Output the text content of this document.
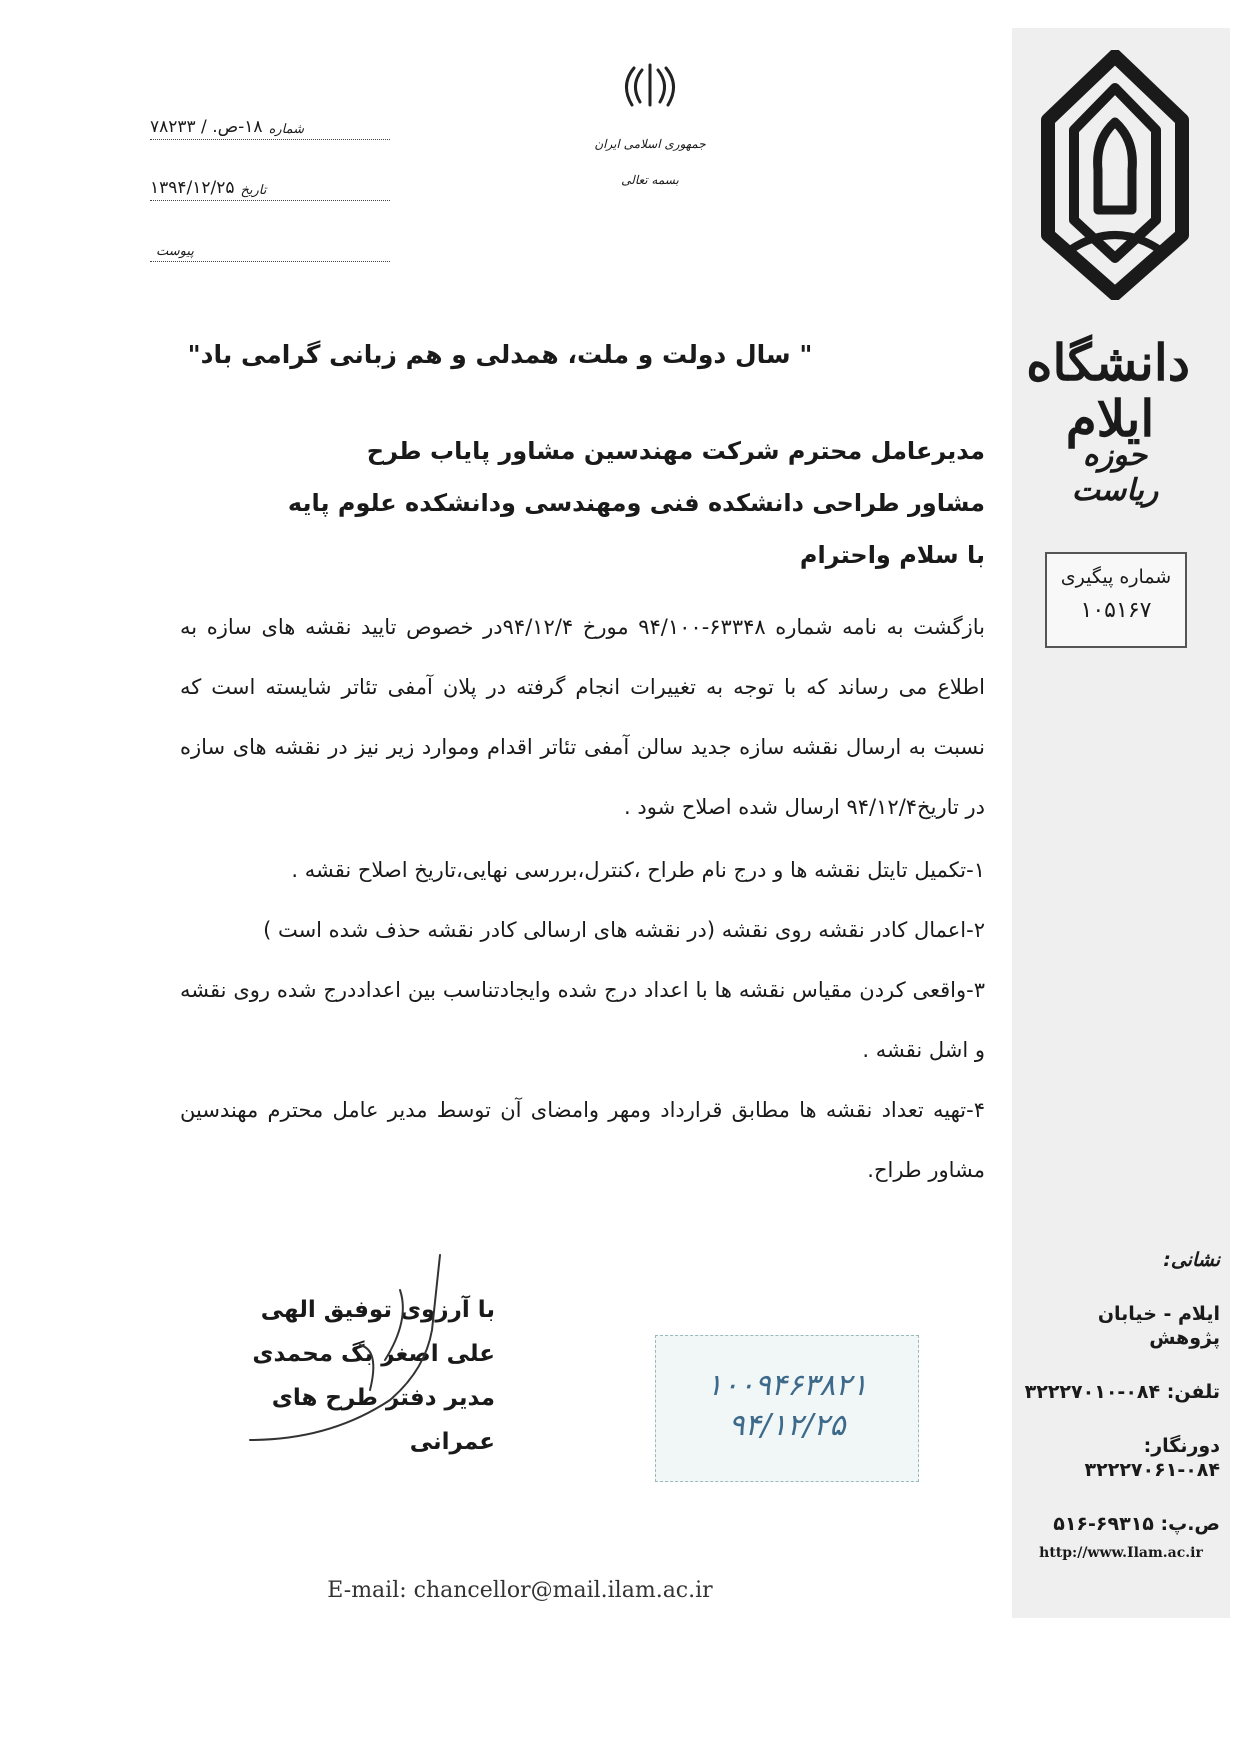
دانشگاه ایلام
حوزه ریاست
شماره پیگیری
۱۰۵۱۶۷
نشانی:
ایلام - خیابان پژوهش
تلفن: ۰۸۴-۳۲۲۲۷۰۱۰
دورنگار: ۰۸۴-۳۲۲۲۷۰۶۱
ص.پ: ۶۹۳۱۵-۵۱۶
http://www.Ilam.ac.ir
جمهوری اسلامی ایران
بسمه تعالی
شماره
۱۸-ص. / ۷۸۲۳۳
تاریخ
۱۳۹۴/۱۲/۲۵
پیوست
" سال دولت و ملت، همدلی و هم زبانی گرامی باد"
مدیرعامل محترم شرکت مهندسین مشاور پایاب طرح
مشاور طراحی دانشکده فنی ومهندسی ودانشکده علوم پایه
با سلام واحترام

بازگشت به نامه شماره ۶۳۳۴۸-۹۴/۱۰۰ مورخ ۹۴/۱۲/۴در خصوص تایید نقشه های سازه به اطلاع می رساند که با توجه به تغییرات انجام گرفته در پلان آمفی تئاتر شایسته است که نسبت به ارسال نقشه سازه جدید سالن آمفی تئاتر اقدام وموارد زیر نیز در نقشه های سازه در تاریخ۹۴/۱۲/۴ ارسال شده اصلاح شود .

۱-تکمیل تایتل نقشه ها و درج نام طراح ،کنترل،بررسی نهایی،تاریخ اصلاح نقشه .

۲-اعمال کادر نقشه روی نقشه (در نقشه های ارسالی کادر نقشه حذف شده است )

۳-واقعی کردن مقیاس نقشه ها با اعداد درج شده وایجادتناسب بین اعداددرج شده روی نقشه و اشل نقشه .

۴-تهیه تعداد نقشه ها مطابق قرارداد ومهر وامضای آن توسط مدیر عامل محترم مهندسین مشاور طراح.

با آرزوی توفیق الهی
علی اصغر بگ محمدی
مدیر دفتر طرح های عمرانی
۱۰۰۹۴۶۳۸۲۱
۹۴/۱۲/۲۵
E-mail: chancellor@mail.ilam.ac.ir
